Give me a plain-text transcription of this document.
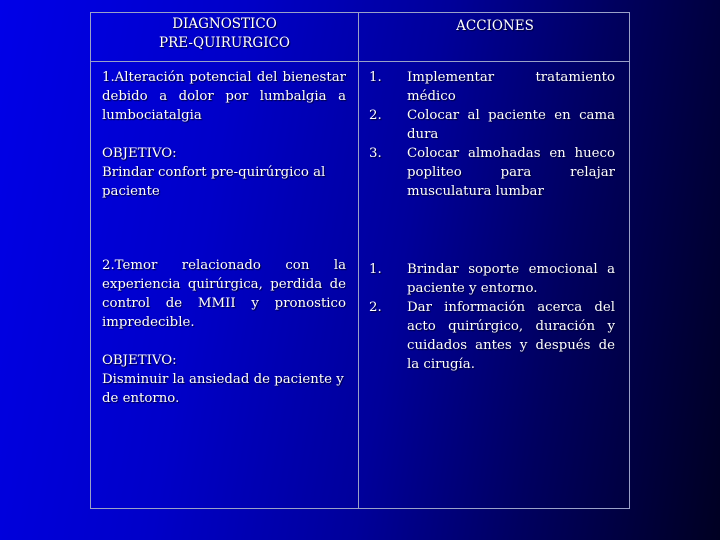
DIAGNOSTICO
PRE-QUIRURGICO
ACCIONES

1.Alteración potencial del bienestar debido a dolor por lumbalgia a lumbociatalgia

OBJETIVO:
Brindar confort pre-quirúrgico al paciente

1. Implementar tratamiento médico
2. Colocar al paciente en cama dura
3. Colocar almohadas en hueco popliteo para relajar musculatura lumbar

2.Temor relacionado con la experiencia quirúrgica, perdida de control de MMII y pronostico impredecible.

OBJETIVO:
Disminuir la ansiedad de paciente y de entorno.

1. Brindar soporte emocional a paciente y entorno.
2. Dar información acerca del acto quirúrgico, duración y cuidados antes y después de la cirugía.
